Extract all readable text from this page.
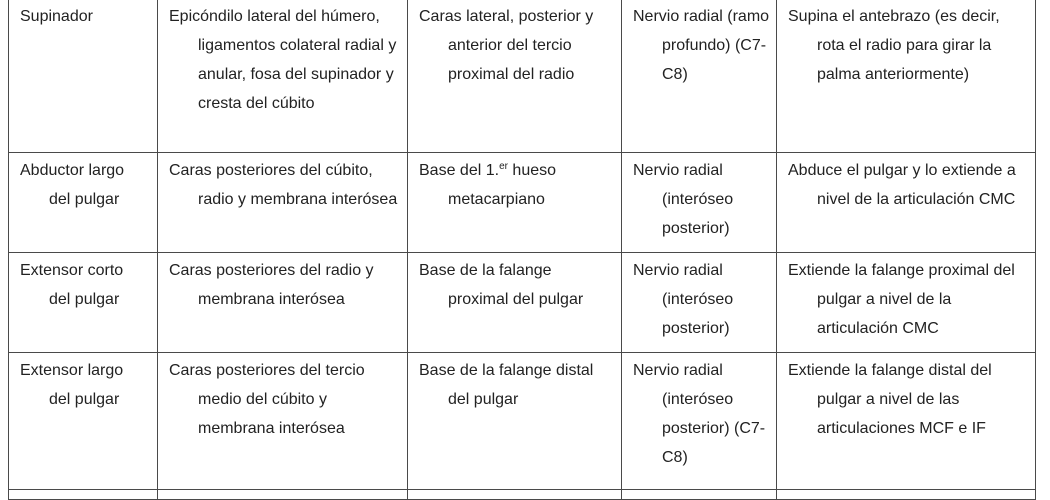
Supinador	Epicóndilo lateral del húmero, ligamentos colateral radial y anular, fosa del supinador y cresta del cúbito	Caras lateral, posterior y anterior del tercio proximal del radio	Nervio radial (ramo profundo) (C7-C8)	Supina el antebrazo (es decir, rota el radio para girar la palma anteriormente)

Abductor largo del pulgar	Caras posteriores del cúbito, radio y membrana interósea	Base del 1.$^{er}$ hueso metacarpiano	Nervio radial (interóseo posterior)	Abduce el pulgar y lo extiende a nivel de la articulación CMC

Extensor corto del pulgar	Caras posteriores del radio y membrana interósea	Base de la falange proximal del pulgar	Nervio radial (interóseo posterior)	Extiende la falange proximal del pulgar a nivel de la articulación CMC

Extensor largo del pulgar	Caras posteriores del tercio medio del cúbito y membrana interósea	Base de la falange distal del pulgar	Nervio radial (interóseo posterior) (C7-C8)	Extiende la falange distal del pulgar a nivel de las articulaciones MCF e IF
